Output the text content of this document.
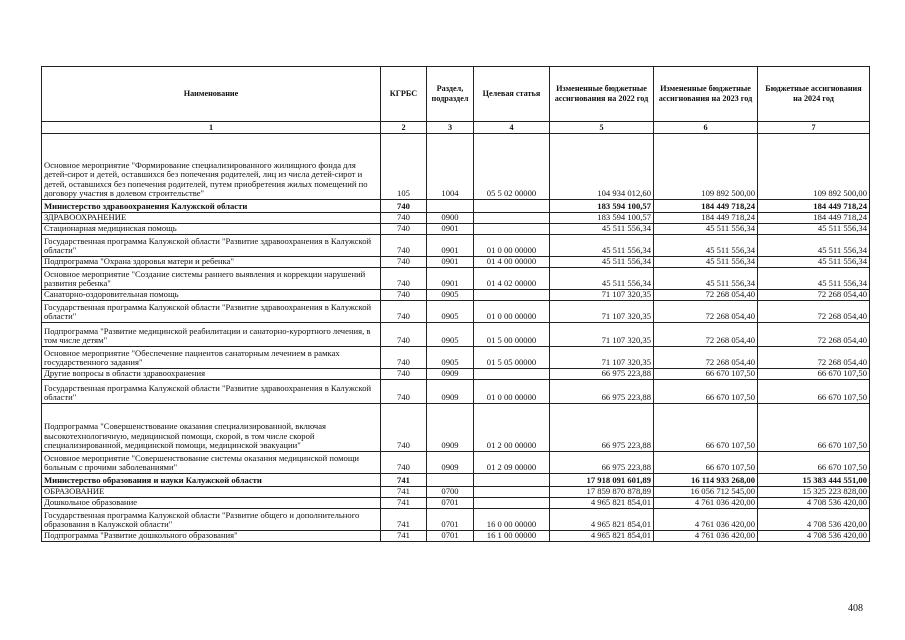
Наименование	КГРБС	Раздел, подраздел	Целевая статья	Измененные бюджетные ассигнования на 2022 год	Измененные бюджетные ассигнования на 2023 год	Бюджетные ассигнования на 2024 год
1	2	3	4	5	6	7
Основное мероприятие "Формирование специализированного жилищного фонда для детей-сирот и детей, оставшихся без попечения родителей, лиц из числа детей-сирот и детей, оставшихся без попечения родителей, путем приобретения жилых помещений по договору участия в долевом строительстве"	105	1004	05 5 02 00000	104 934 012,60	109 892 500,00	109 892 500,00
Министерство здравоохранения Калужской области	740			183 594 100,57	184 449 718,24	184 449 718,24
ЗДРАВООХРАНЕНИЕ	740	0900		183 594 100,57	184 449 718,24	184 449 718,24
Стационарная медицинская помощь	740	0901		45 511 556,34	45 511 556,34	45 511 556,34
Государственная программа Калужской области "Развитие здравоохранения в Калужской области"	740	0901	01 0 00 00000	45 511 556,34	45 511 556,34	45 511 556,34
Подпрограмма "Охрана здоровья матери и ребенка"	740	0901	01 4 00 00000	45 511 556,34	45 511 556,34	45 511 556,34
Основное мероприятие "Создание системы раннего выявления и коррекции нарушений развития ребенка"	740	0901	01 4 02 00000	45 511 556,34	45 511 556,34	45 511 556,34
Санаторно-оздоровительная помощь	740	0905		71 107 320,35	72 268 054,40	72 268 054,40
Государственная программа Калужской области "Развитие здравоохранения в Калужской области"	740	0905	01 0 00 00000	71 107 320,35	72 268 054,40	72 268 054,40
Подпрограмма "Развитие медицинской реабилитации и санаторно-курортного лечения, в том числе детям"	740	0905	01 5 00 00000	71 107 320,35	72 268 054,40	72 268 054,40
Основное мероприятие "Обеспечение пациентов санаторным лечением в рамках государственного задания"	740	0905	01 5 05 00000	71 107 320,35	72 268 054,40	72 268 054,40
Другие вопросы в области здравоохранения	740	0909		66 975 223,88	66 670 107,50	66 670 107,50
Государственная программа Калужской области "Развитие здравоохранения в Калужской области"	740	0909	01 0 00 00000	66 975 223,88	66 670 107,50	66 670 107,50
Подпрограмма "Совершенствование оказания специализированной, включая высокотехнологичную, медицинской помощи, скорой, в том числе скорой специализированной, медицинской помощи, медицинской эвакуации"	740	0909	01 2 00 00000	66 975 223,88	66 670 107,50	66 670 107,50
Основное мероприятие "Совершенствование системы оказания медицинской помощи больным с прочими заболеваниями"	740	0909	01 2 09 00000	66 975 223,88	66 670 107,50	66 670 107,50
Министерство образования и науки Калужской области	741			17 918 091 601,89	16 114 933 268,00	15 383 444 551,00
ОБРАЗОВАНИЕ	741	0700		17 859 870 878,89	16 056 712 545,00	15 325 223 828,00
Дошкольное образование	741	0701		4 965 821 854,01	4 761 036 420,00	4 708 536 420,00
Государственная программа Калужской области "Развитие общего и дополнительного образования в Калужской области"	741	0701	16 0 00 00000	4 965 821 854,01	4 761 036 420,00	4 708 536 420,00
Подпрограмма "Развитие дошкольного образования"	741	0701	16 1 00 00000	4 965 821 854,01	4 761 036 420,00	4 708 536 420,00
408
